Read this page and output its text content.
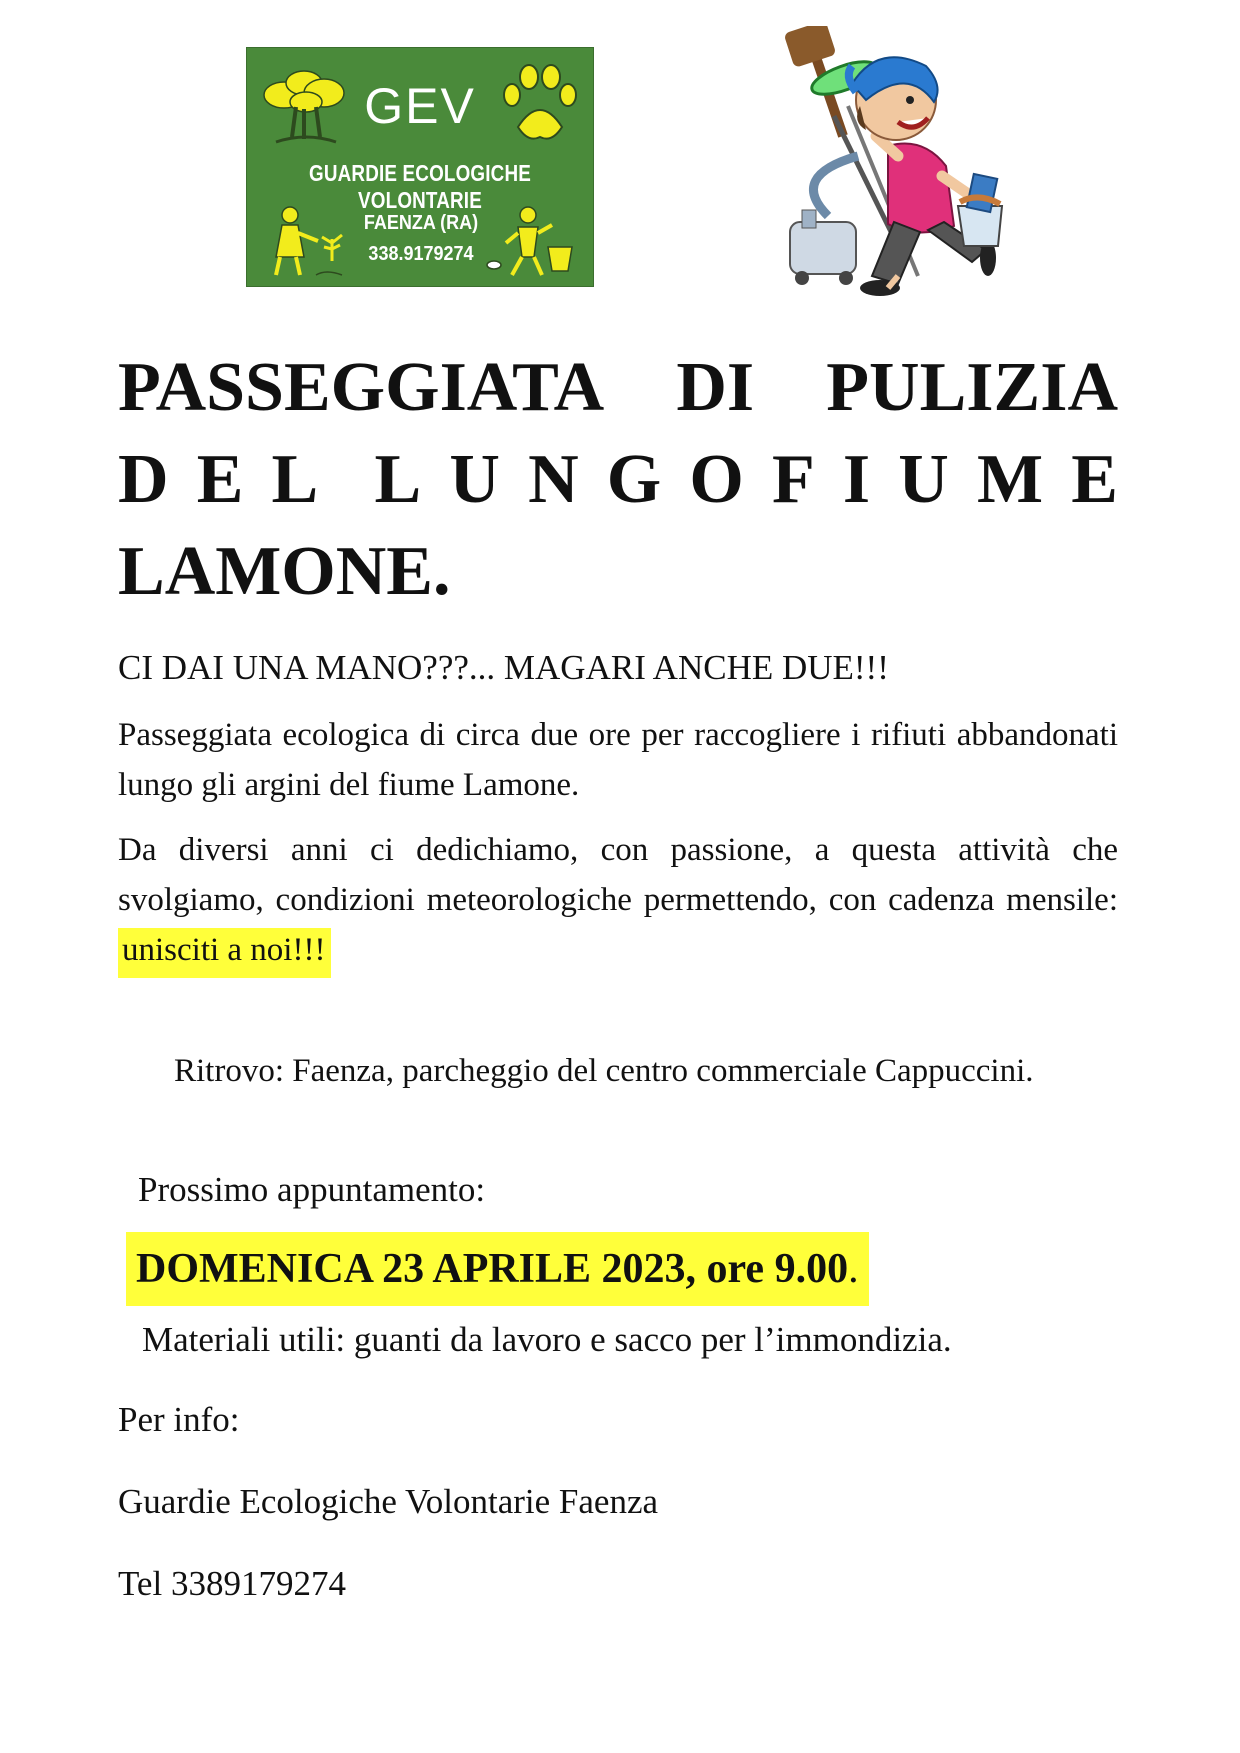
GEV
GUARDIE ECOLOGICHE VOLONTARIE
FAENZA (RA)
338.9179274
PASSEGGIATA DI PULIZIA
D E L L U N G O F I U M E
LAMONE.
CI DAI UNA MANO???... MAGARI ANCHE DUE!!!
Passeggiata ecologica di circa due ore per raccogliere i rifiuti abbandonati lungo gli argini del fiume Lamone.
Da diversi anni ci dedichiamo, con passione, a questa attività che svolgiamo, condizioni meteorologiche permettendo, con cadenza mensile: unisciti a noi!!!
Ritrovo: Faenza, parcheggio del centro commerciale Cappuccini.
Prossimo appuntamento:
DOMENICA 23 APRILE 2023, ore 9.00.
Materiali utili: guanti da lavoro e sacco per l’immondizia.
Per info:
Guardie Ecologiche Volontarie Faenza
Tel 3389179274
